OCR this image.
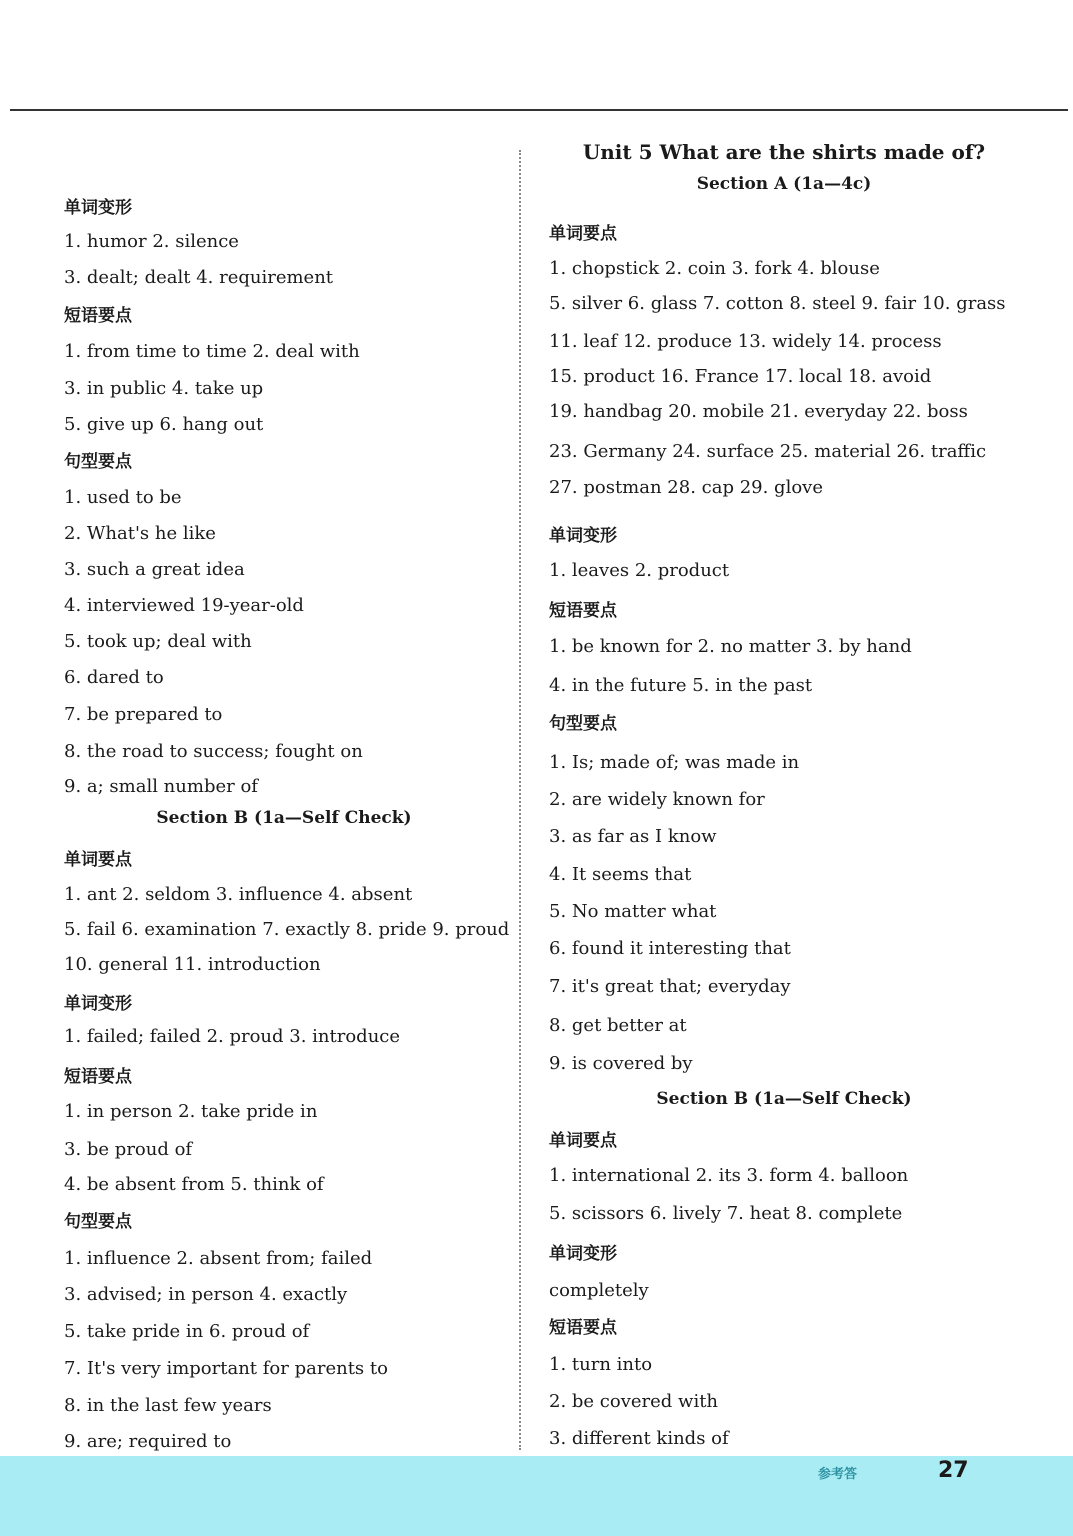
单词变形
1. humor 2. silence
3. dealt; dealt 4. requirement
短语要点
1. from time to time 2. deal with
3. in public 4. take up
5. give up 6. hang out
句型要点
1. used to be
2. What's he like
3. such a great idea
4. interviewed 19-year-old
5. took up; deal with
6. dared to
7. be prepared to
8. the road to success; fought on
9. a; small number of
Section B (1a—Self Check)
单词要点
1. ant 2. seldom 3. influence 4. absent
5. fail 6. examination 7. exactly 8. pride 9. proud
10. general 11. introduction
单词变形
1. failed; failed 2. proud 3. introduce
短语要点
1. in person 2. take pride in
3. be proud of
4. be absent from 5. think of
句型要点
1. influence 2. absent from; failed
3. advised; in person 4. exactly
5. take pride in 6. proud of
7. It's very important for parents to
8. in the last few years
9. are; required to
Unit 5 What are the shirts made of?
Section A (1a—4c)
单词要点
1. chopstick 2. coin 3. fork 4. blouse
5. silver 6. glass 7. cotton 8. steel 9. fair 10. grass
11. leaf 12. produce 13. widely 14. process
15. product 16. France 17. local 18. avoid
19. handbag 20. mobile 21. everyday 22. boss
23. Germany 24. surface 25. material 26. traffic
27. postman 28. cap 29. glove
单词变形
1. leaves 2. product
短语要点
1. be known for 2. no matter 3. by hand
4. in the future 5. in the past
句型要点
1. Is; made of; was made in
2. are widely known for
3. as far as I know
4. It seems that
5. No matter what
6. found it interesting that
7. it's great that; everyday
8. get better at
9. is covered by
Section B (1a—Self Check)
单词要点
1. international 2. its 3. form 4. balloon
5. scissors 6. lively 7. heat 8. complete
单词变形
completely
短语要点
1. turn into
2. be covered with
3. different kinds of
参考答	27
